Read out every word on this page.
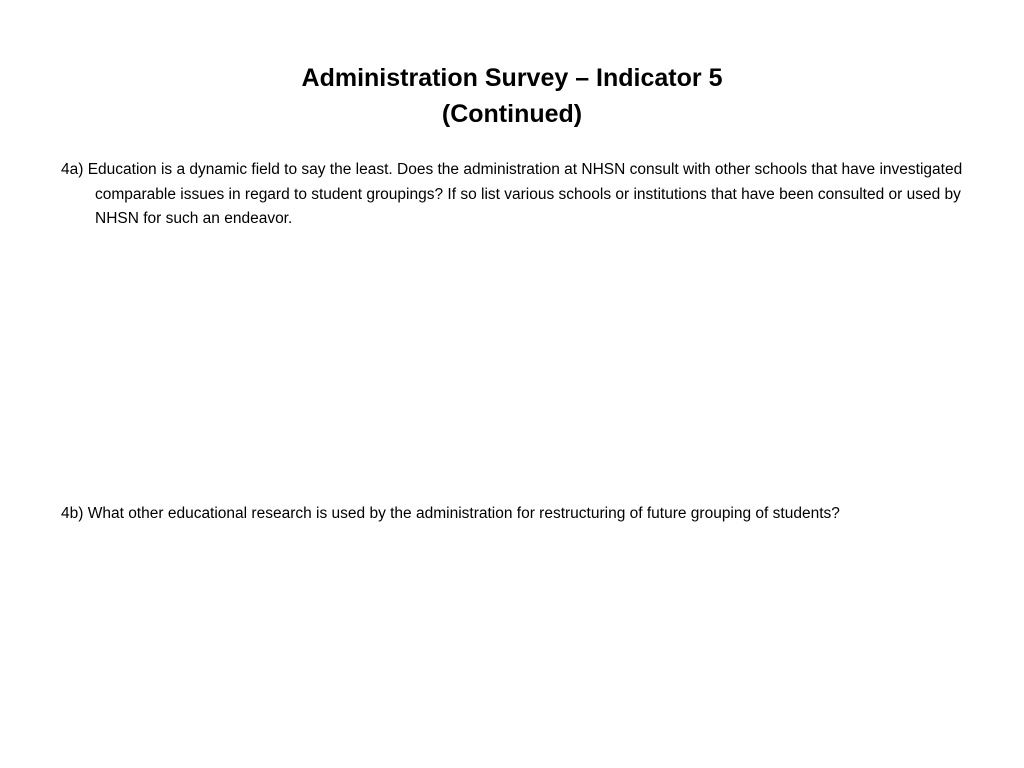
Administration Survey – Indicator 5
(Continued)
4a) Education is a dynamic field to say the least. Does the administration at NHSN consult with other schools that have investigated comparable issues in regard to student groupings? If so list various schools or institutions that have been consulted or used by NHSN for such an endeavor.
4b) What other educational research is used by the administration for restructuring of future grouping of students?
